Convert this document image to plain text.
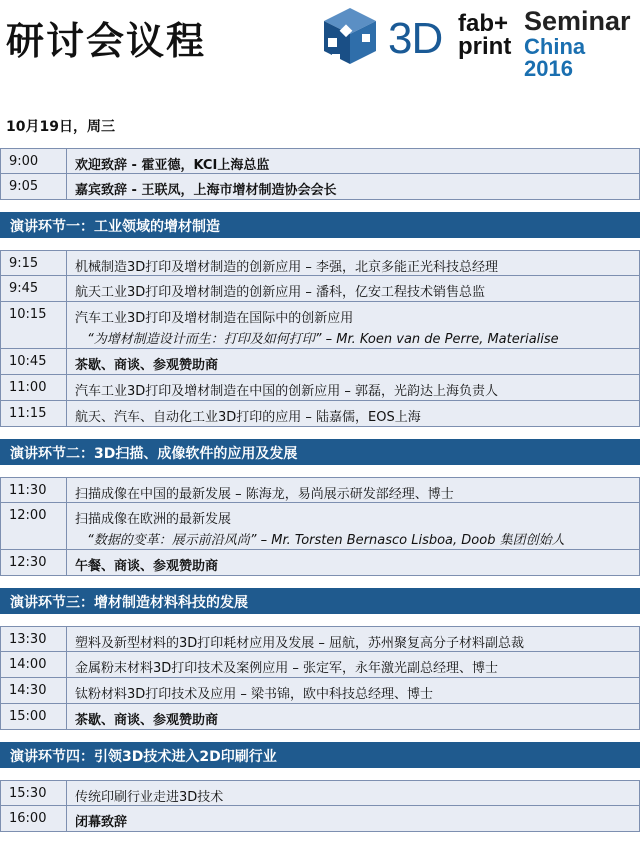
研讨会议程	3D fab+
print
Seminar
China 2016
10月19日，周三
9:00	欢迎致辞 - 霍亚德，KCI上海总监
9:05	嘉宾致辞 - 王联凤，上海市增材制造协会会长
演讲环节一：工业领域的增材制造
9:15	机械制造3D打印及增材制造的创新应用 – 李强，北京多能正光科技总经理
9:45	航天工业3D打印及增材制造的创新应用 – 潘科，亿安工程技术销售总监
10:15	汽车工业3D打印及增材制造在国际中的创新应用
“为增材制造设计而生：打印及如何打印” – Mr. Koen van de Perre, Materialise
10:45	茶歇、商谈、参观赞助商
11:00	汽车工业3D打印及增材制造在中国的创新应用 – 郭磊，光韵达上海负责人
11:15	航天、汽车、自动化工业3D打印的应用 – 陆嘉儒，EOS上海
演讲环节二：3D扫描、成像软件的应用及发展
11:30	扫描成像在中国的最新发展 – 陈海龙，易尚展示研发部经理、博士
12:00	扫描成像在欧洲的最新发展
“数据的变革：展示前沿风尚” – Mr. Torsten Bernasco Lisboa, Doob 集团创始人
12:30	午餐、商谈、参观赞助商
演讲环节三：增材制造材料科技的发展
13:30	塑料及新型材料的3D打印耗材应用及发展 – 屈航，苏州聚复高分子材料副总裁
14:00	金属粉末材料3D打印技术及案例应用 – 张定军，永年激光副总经理、博士
14:30	钛粉材料3D打印技术及应用 – 梁书锦，欧中科技总经理、博士
15:00	茶歇、商谈、参观赞助商
演讲环节四：引领3D技术进入2D印刷行业
15:30	传统印刷行业走进3D技术
16:00	闭幕致辞
